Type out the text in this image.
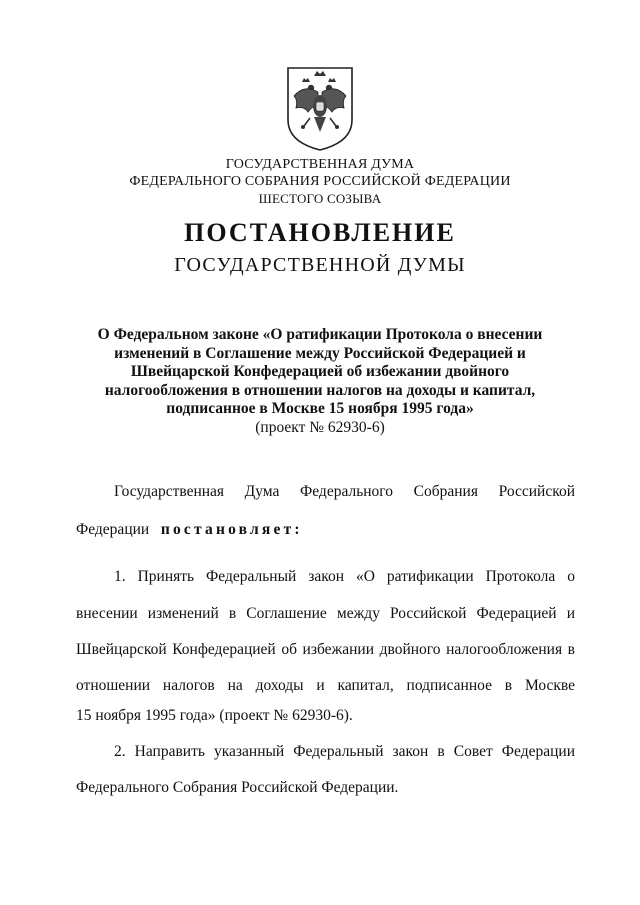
ГОСУДАРСТВЕННАЯ ДУМА
ФЕДЕРАЛЬНОГО СОБРАНИЯ РОССИЙСКОЙ ФЕДЕРАЦИИ
ШЕСТОГО СОЗЫВА
ПОСТАНОВЛЕНИЕ
ГОСУДАРСТВЕННОЙ ДУМЫ
О Федеральном законе «О ратификации Протокола о внесении
изменений в Соглашение между Российской Федерацией и
Швейцарской Конфедерацией об избежании двойного
налогообложения в отношении налогов на доходы и капитал,
подписанное в Москве 15 ноября 1995 года»
(проект № 62930-6)
Государственная Дума Федерального Собрания Российской
Федерации постановляет:
1. Принять Федеральный закон «О ратификации Протокола о
внесении изменений в Соглашение между Российской Федерацией и
Швейцарской Конфедерацией об избежании двойного налогообложения в
отношении налогов на доходы и капитал, подписанное в Москве
15 ноября 1995 года» (проект № 62930-6).
2. Направить указанный Федеральный закон в Совет Федерации
Федерального Собрания Российской Федерации.
